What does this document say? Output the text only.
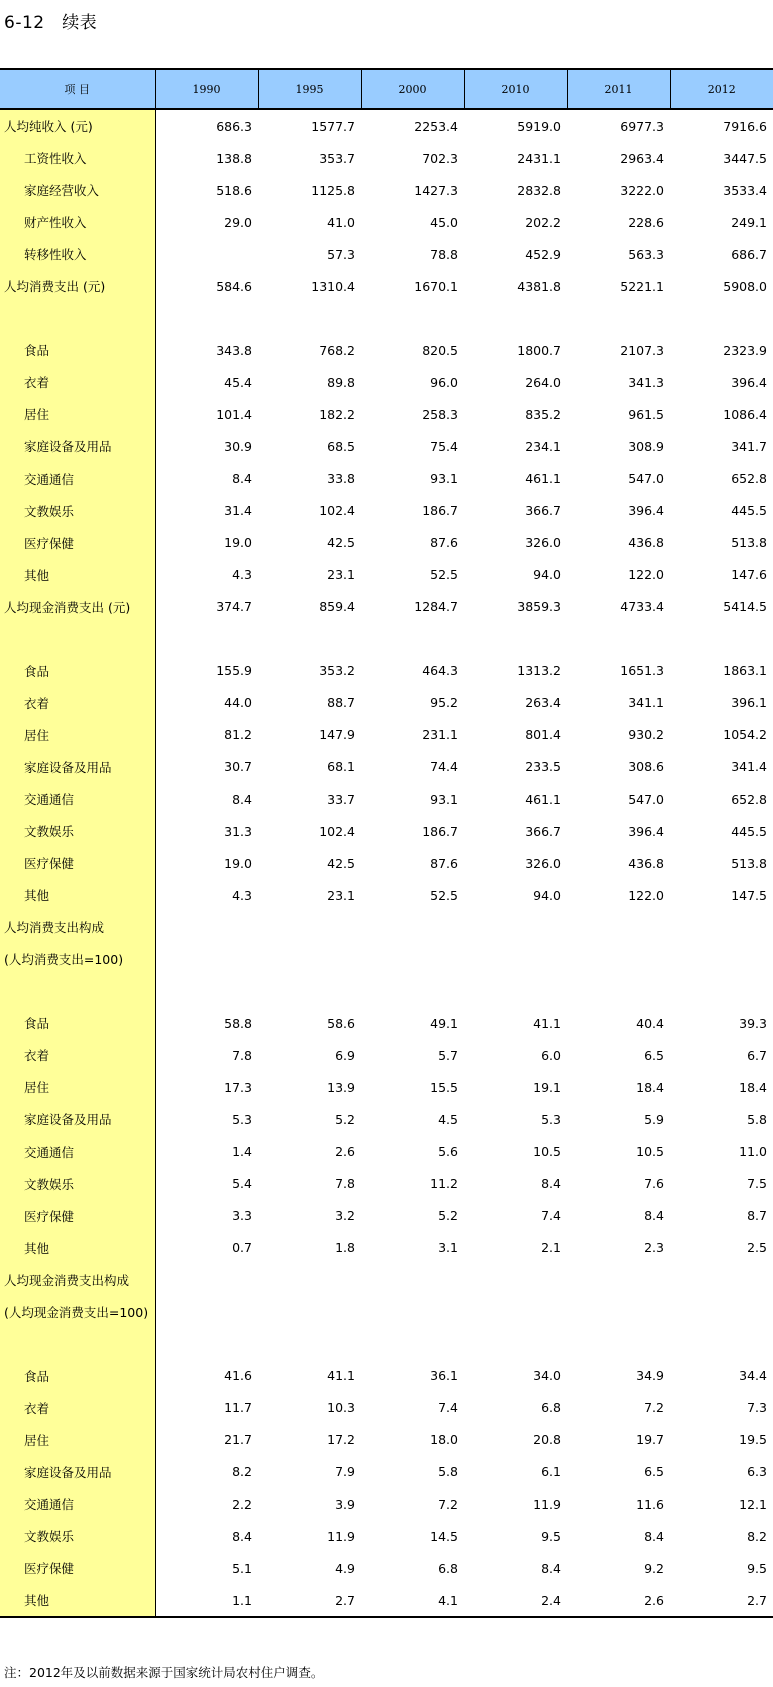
6-12   续表
项 目	1990	1995	2000	2010	2011	2012
人均纯收入 (元)	686.3	1577.7	2253.4	5919.0	6977.3	7916.6
工资性收入	138.8	353.7	702.3	2431.1	2963.4	3447.5
家庭经营收入	518.6	1125.8	1427.3	2832.8	3222.0	3533.4
财产性收入	29.0	41.0	45.0	202.2	228.6	249.1
转移性收入		57.3	78.8	452.9	563.3	686.7
人均消费支出 (元)	584.6	1310.4	1670.1	4381.8	5221.1	5908.0

食品	343.8	768.2	820.5	1800.7	2107.3	2323.9
衣着	45.4	89.8	96.0	264.0	341.3	396.4
居住	101.4	182.2	258.3	835.2	961.5	1086.4
家庭设备及用品	30.9	68.5	75.4	234.1	308.9	341.7
交通通信	8.4	33.8	93.1	461.1	547.0	652.8
文教娱乐	31.4	102.4	186.7	366.7	396.4	445.5
医疗保健	19.0	42.5	87.6	326.0	436.8	513.8
其他	4.3	23.1	52.5	94.0	122.0	147.6
人均现金消费支出 (元)	374.7	859.4	1284.7	3859.3	4733.4	5414.5

食品	155.9	353.2	464.3	1313.2	1651.3	1863.1
衣着	44.0	88.7	95.2	263.4	341.1	396.1
居住	81.2	147.9	231.1	801.4	930.2	1054.2
家庭设备及用品	30.7	68.1	74.4	233.5	308.6	341.4
交通通信	8.4	33.7	93.1	461.1	547.0	652.8
文教娱乐	31.3	102.4	186.7	366.7	396.4	445.5
医疗保健	19.0	42.5	87.6	326.0	436.8	513.8
其他	4.3	23.1	52.5	94.0	122.0	147.5
人均消费支出构成						
(人均消费支出=100)						

食品	58.8	58.6	49.1	41.1	40.4	39.3
衣着	7.8	6.9	5.7	6.0	6.5	6.7
居住	17.3	13.9	15.5	19.1	18.4	18.4
家庭设备及用品	5.3	5.2	4.5	5.3	5.9	5.8
交通通信	1.4	2.6	5.6	10.5	10.5	11.0
文教娱乐	5.4	7.8	11.2	8.4	7.6	7.5
医疗保健	3.3	3.2	5.2	7.4	8.4	8.7
其他	0.7	1.8	3.1	2.1	2.3	2.5
人均现金消费支出构成						
(人均现金消费支出=100)						

食品	41.6	41.1	36.1	34.0	34.9	34.4
衣着	11.7	10.3	7.4	6.8	7.2	7.3
居住	21.7	17.2	18.0	20.8	19.7	19.5
家庭设备及用品	8.2	7.9	5.8	6.1	6.5	6.3
交通通信	2.2	3.9	7.2	11.9	11.6	12.1
文教娱乐	8.4	11.9	14.5	9.5	8.4	8.2
医疗保健	5.1	4.9	6.8	8.4	9.2	9.5
其他	1.1	2.7	4.1	2.4	2.6	2.7
注：2012年及以前数据来源于国家统计局农村住户调查。
